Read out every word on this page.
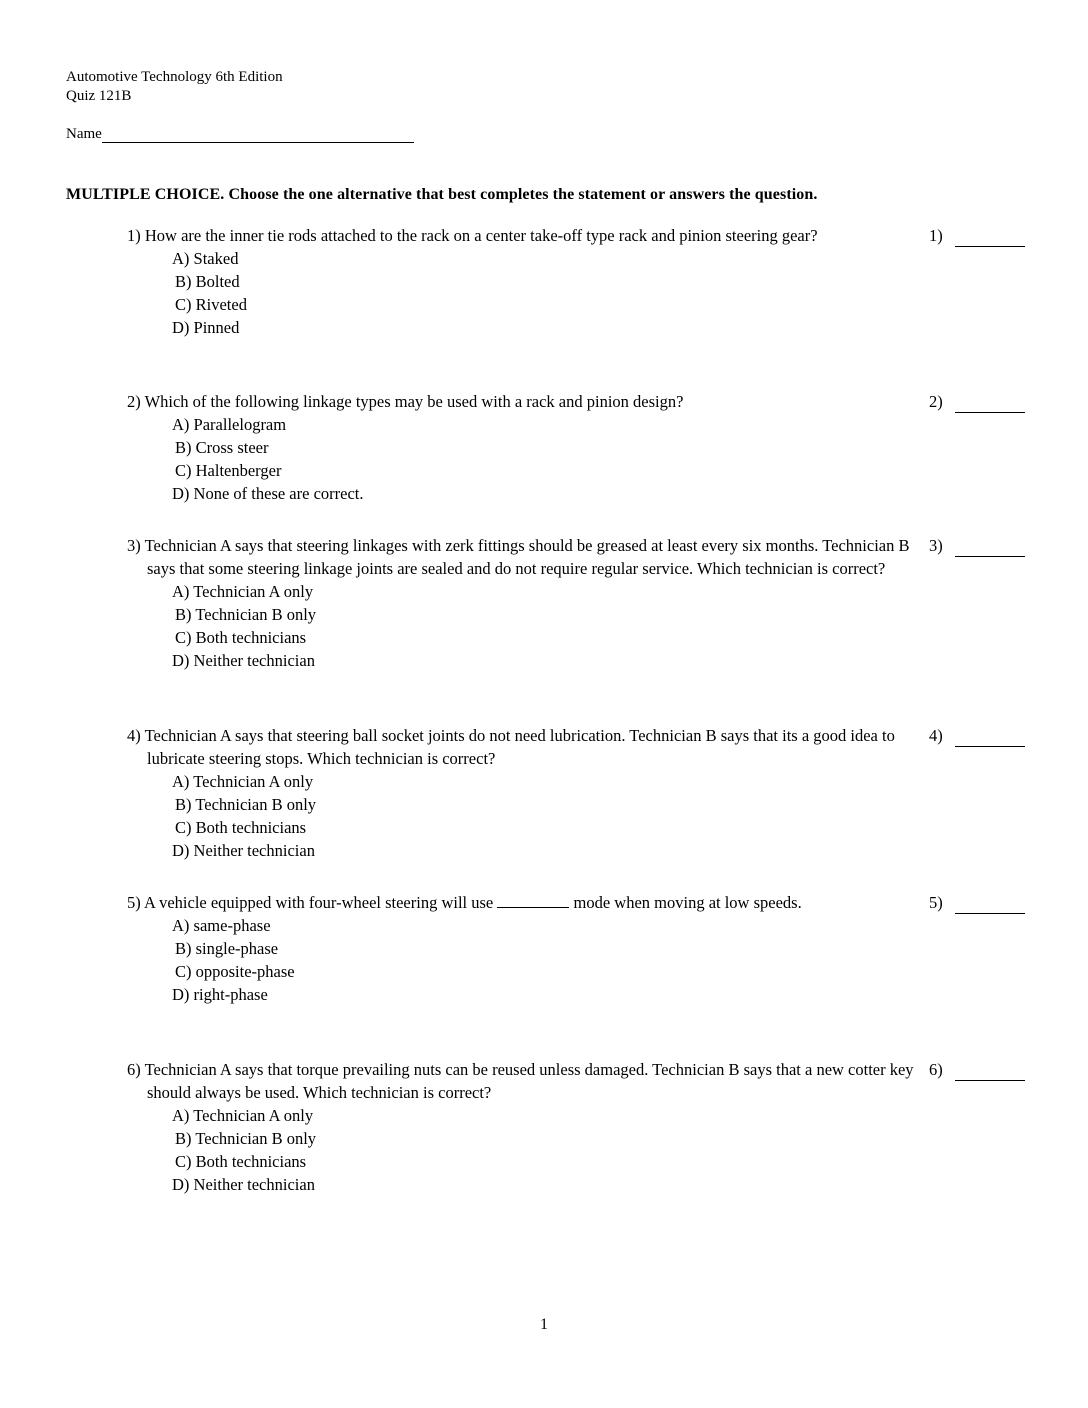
Automotive Technology 6th Edition
Quiz 121B
Name
MULTIPLE CHOICE. Choose the one alternative that best completes the statement or answers the question.
1) How are the inner tie rods attached to the rack on a center take-off type rack and pinion steering gear?
A) Staked
B) Bolted
C) Riveted
D) Pinned
1)
2) Which of the following linkage types may be used with a rack and pinion design?
A) Parallelogram
B) Cross steer
C) Haltenberger
D) None of these are correct.
2)
3) Technician A says that steering linkages with zerk fittings should be greased at least every six months. Technician B says that some steering linkage joints are sealed and do not require regular service. Which technician is correct?
A) Technician A only
B) Technician B only
C) Both technicians
D) Neither technician
3)
4) Technician A says that steering ball socket joints do not need lubrication. Technician B says that its a good idea to lubricate steering stops. Which technician is correct?
A) Technician A only
B) Technician B only
C) Both technicians
D) Neither technician
4)
5) A vehicle equipped with four-wheel steering will use	mode when moving at low speeds.
A) same-phase
B) single-phase
C) opposite-phase
D) right-phase
5)
6) Technician A says that torque prevailing nuts can be reused unless damaged. Technician B says that a new cotter key should always be used. Which technician is correct?
A) Technician A only
B) Technician B only
C) Both technicians
D) Neither technician
6)
1
